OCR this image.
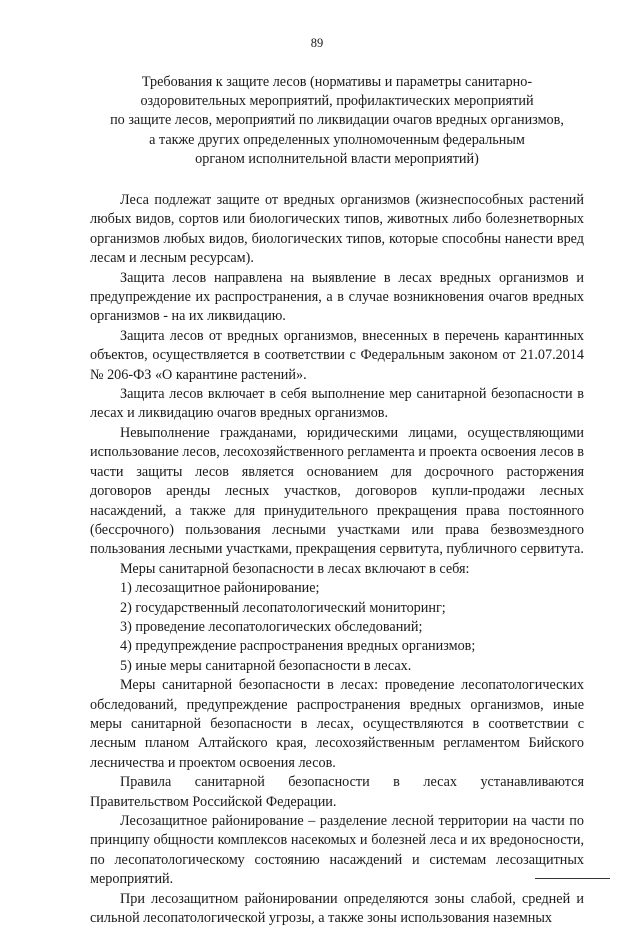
89
Требования к защите лесов (нормативы и параметры санитарно-
оздоровительных мероприятий, профилактических мероприятий
по защите лесов, мероприятий по ликвидации очагов вредных организмов,
а также других определенных уполномоченным федеральным
органом исполнительной власти мероприятий)

Леса подлежат защите от вредных организмов (жизнеспособных растений любых видов, сортов или биологических типов, животных либо болезнетворных организмов любых видов, биологических типов, которые способны нанести вред лесам и лесным ресурсам).

Защита лесов направлена на выявление в лесах вредных организмов и предупреждение их распространения, а в случае возникновения очагов вредных организмов - на их ликвидацию.

Защита лесов от вредных организмов, внесенных в перечень карантинных объектов, осуществляется в соответствии с Федеральным законом от 21.07.2014 № 206-ФЗ «О карантине растений».

Защита лесов включает в себя выполнение мер санитарной безопасности в лесах и ликвидацию очагов вредных организмов.

Невыполнение гражданами, юридическими лицами, осуществляющими использование лесов, лесохозяйственного регламента и проекта освоения лесов в части защиты лесов является основанием для досрочного расторжения договоров аренды лесных участков, договоров купли-продажи лесных насаждений, а также для принудительного прекращения права постоянного (бессрочного) пользования лесными участками или права безвозмездного пользования лесными участками, прекращения сервитута, публичного сервитута.

Меры санитарной безопасности в лесах включают в себя:

1) лесозащитное районирование;

2) государственный лесопатологический мониторинг;

3) проведение лесопатологических обследований;

4) предупреждение распространения вредных организмов;

5) иные меры санитарной безопасности в лесах.

Меры санитарной безопасности в лесах: проведение лесопатологических обследований, предупреждение распространения вредных организмов, иные меры санитарной безопасности в лесах, осуществляются в соответствии с лесным планом Алтайского края, лесохозяйственным регламентом Бийского лесничества и проектом освоения лесов.

Правила санитарной безопасности в лесах устанавливаются Правительством Российской Федерации.

Лесозащитное районирование – разделение лесной территории на части по принципу общности комплексов насекомых и болезней леса и их вредоносности, по лесопатологическому состоянию насаждений и системам лесозащитных мероприятий.

При лесозащитном районировании определяются зоны слабой, средней и сильной лесопатологической угрозы, а также зоны использования наземных
